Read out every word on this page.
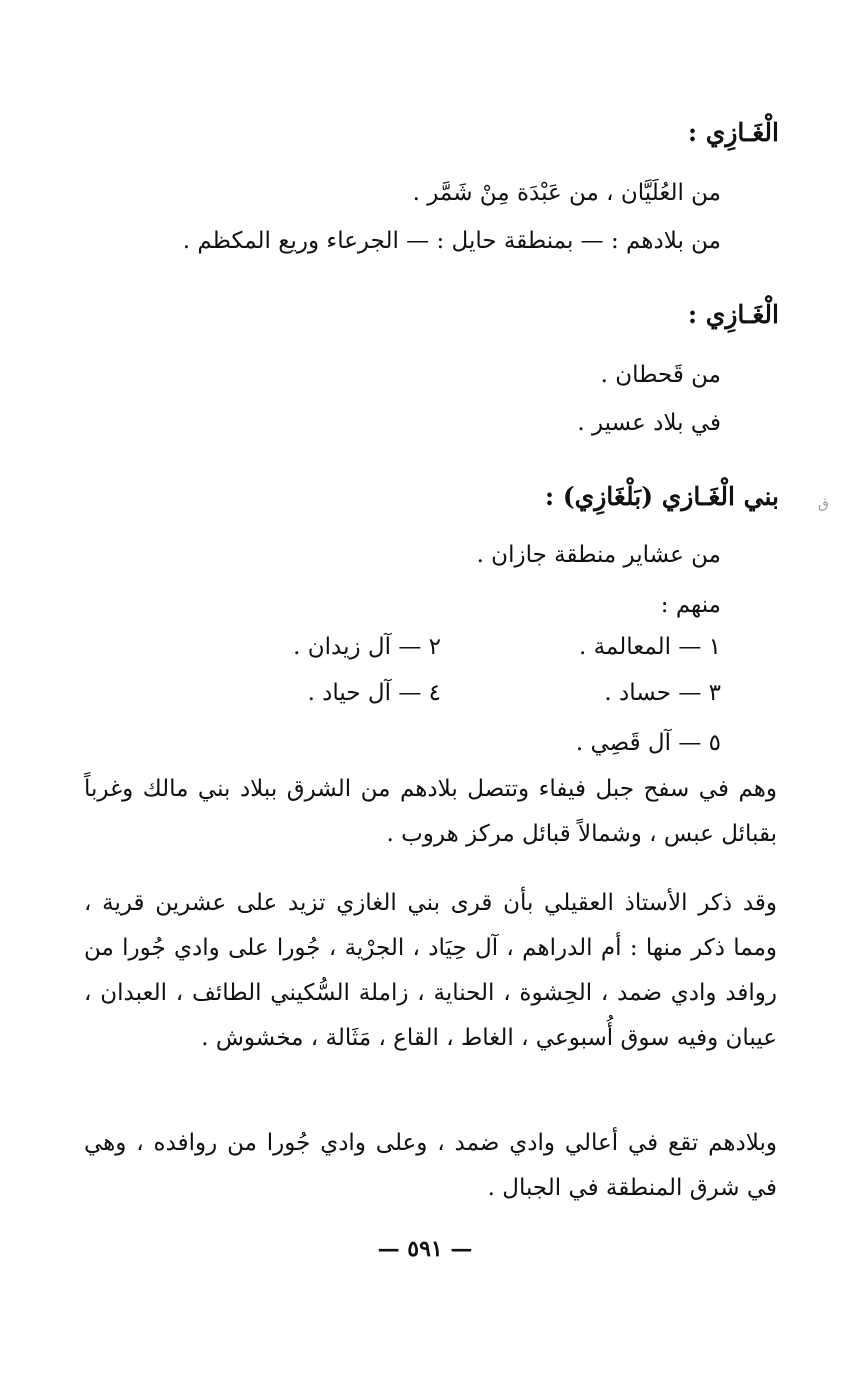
الْغَـازِي :
من العُلَيَّان ، من عَبْدَة مِنْ شَمَّر .
من بلادهم : — بمنطقة حايل : — الجرعاء وريع المكظم .
الْغَـازِي :
من قَحطان .
في بلاد عسير .
بني الْغَـازي (بَلْغَازِي) :
من عشاير منطقة جازان .
منهم :
١ — المعالمة .
٢ — آل زيدان .
٣ — حساد .
٤ — آل حياد .
٥ — آل قَصِي .
وهم في سفح جبل فيفاء وتتصل بلادهم من الشرق ببلاد بني مالك وغرباً بقبائل عبس ، وشمالاً قبائل مركز هروب .
وقد ذكر الأستاذ العقيلي بأن قرى بني الغازي تزيد على عشرين قرية ، ومما ذكر منها : أم الدراهم ، آل حِيَاد ، الجرْية ، جُورا على وادي جُورا من روافد وادي ضمد ، الحِشوة ، الحناية ، زاملة السُّكيني الطائف ، العبدان ، عيبان وفيه سوق أُسبوعي ، الغاط ، القاع ، مَثَالة ، مخشوش .
وبلادهم تقع في أعالي وادي ضمد ، وعلى وادي جُورا من روافده ، وهي في شرق المنطقة في الجبال .
— ٥٩١ —
ق
